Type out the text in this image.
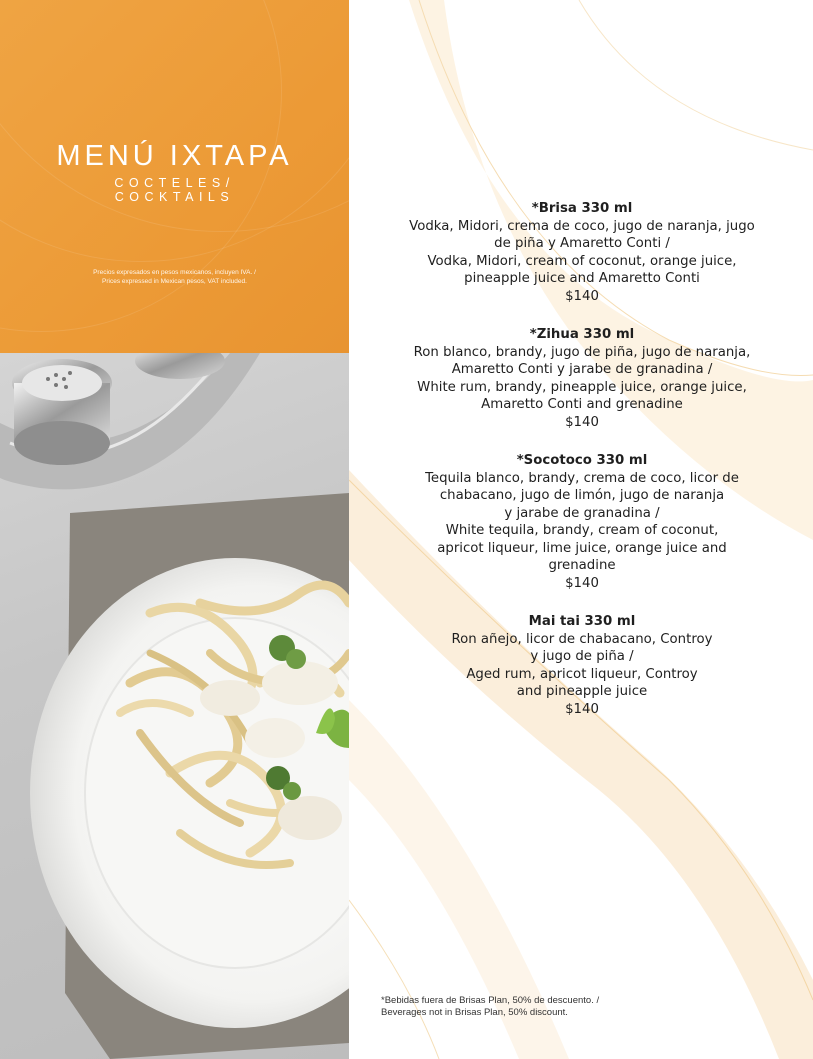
MENÚ IXTAPA
COCTELES/
COCKTAILS
Precios expresados en pesos mexicanos, incluyen IVA. /
Prices expressed in Mexican pesos, VAT included.

*Brisa 330 ml

Vodka, Midori, crema de coco, jugo de naranja, jugo

de piña y Amaretto Conti /

Vodka, Midori, cream of coconut, orange juice,

pineapple juice and Amaretto Conti

$140

*Zihua 330 ml

Ron blanco, brandy, jugo de piña, jugo de naranja,

Amaretto Conti y jarabe de granadina /

White rum, brandy, pineapple juice, orange juice,

Amaretto Conti and grenadine

$140

*Socotoco 330 ml

Tequila blanco, brandy, crema de coco, licor de

chabacano, jugo de limón, jugo de naranja

y jarabe de granadina /

White tequila, brandy, cream of coconut,

apricot liqueur, lime juice, orange juice and

grenadine

$140

Mai tai 330 ml

Ron añejo, licor de chabacano, Controy

y jugo de piña /

Aged rum, apricot liqueur, Controy

and pineapple juice

$140

*Bebidas fuera de Brisas Plan, 50% de descuento. /

Beverages not in Brisas Plan, 50% discount.
